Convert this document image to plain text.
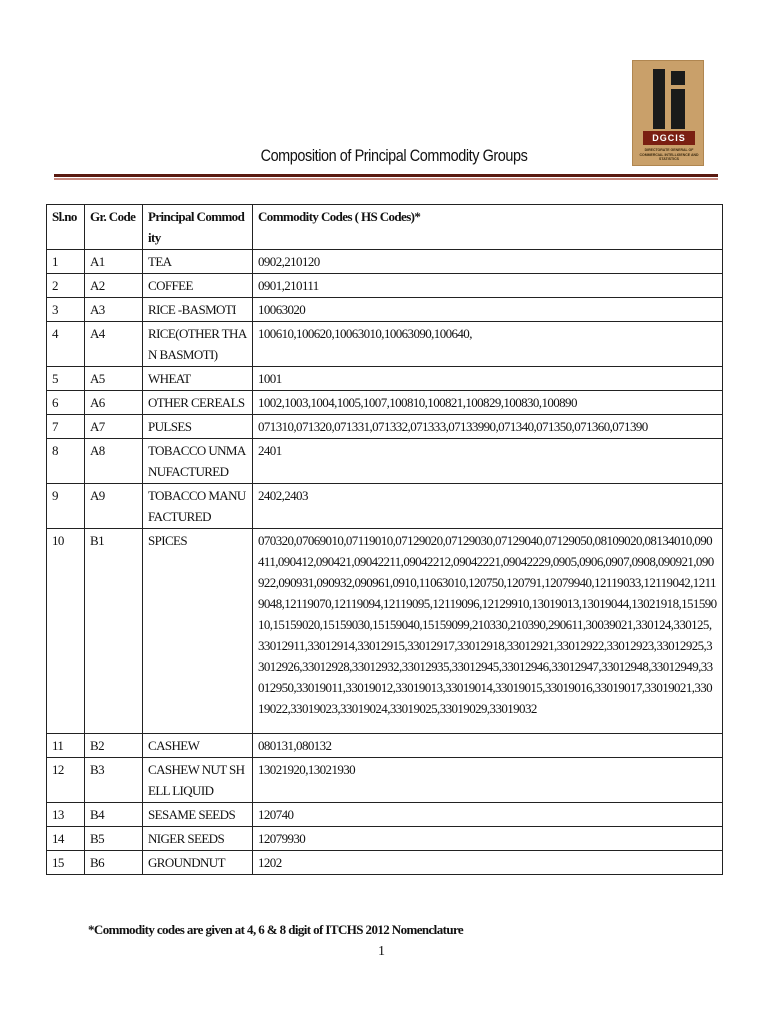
DGCIS
DIRECTORATE GENERAL OF COMMERCIAL INTELLIGENCE AND STATISTICS
Composition of Principal Commodity Groups
Sl.no	Gr. Code	Principal Commodity	Commodity Codes ( HS Codes)*
1	A1	TEA	0902,210120
2	A2	COFFEE	0901,210111
3	A3	RICE -BASMOTI	10063020
4	A4	RICE(OTHER THAN BASMOTI)	100610,100620,10063010,10063090,100640,
5	A5	WHEAT	1001
6	A6	OTHER CEREALS	1002,1003,1004,1005,1007,100810,100821,100829,100830,100890
7	A7	PULSES	071310,071320,071331,071332,071333,07133990,071340,071350,071360,071390
8	A8	TOBACCO UNMANUFACTURED	2401
9	A9	TOBACCO MANUFACTURED	2402,2403
10	B1	SPICES	070320,07069010,07119010,07129020,07129030,07129040,07129050,08109020,08134010,090411,090412,090421,09042211,09042212,09042221,09042229,0905,0906,0907,0908,090921,090922,090931,090932,090961,0910,11063010,120750,120791,12079940,12119033,12119042,12119048,12119070,12119094,12119095,12119096,12129910,13019013,13019044,13021918,15159010,15159020,15159030,15159040,15159099,210330,210390,290611,30039021,330124,330125,33012911,33012914,33012915,33012917,33012918,33012921,33012922,33012923,33012925,33012926,33012928,33012932,33012935,33012945,33012946,33012947,33012948,33012949,33012950,33019011,33019012,33019013,33019014,33019015,33019016,33019017,33019021,33019022,33019023,33019024,33019025,33019029,33019032
11	B2	CASHEW	080131,080132
12	B3	CASHEW NUT SHELL LIQUID	13021920,13021930
13	B4	SESAME SEEDS	120740
14	B5	NIGER SEEDS	12079930
15	B6	GROUNDNUT	1202
*Commodity codes are given at 4, 6 & 8 digit of ITCHS 2012 Nomenclature
1
